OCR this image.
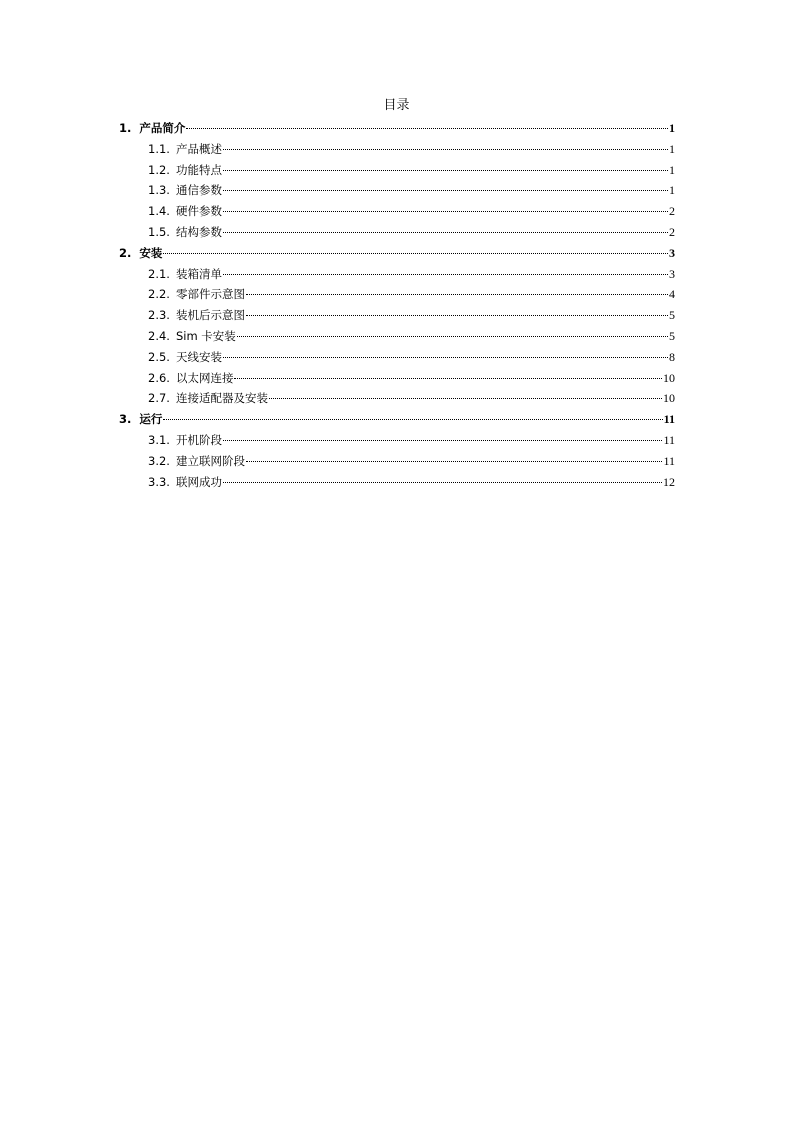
目录
1. 产品简介	1
1.1. 产品概述	1
1.2. 功能特点	1
1.3. 通信参数	1
1.4. 硬件参数	2
1.5. 结构参数	2
2. 安装	3
2.1. 装箱清单	3
2.2. 零部件示意图	4
2.3. 装机后示意图	5
2.4. Sim 卡安装	5
2.5. 天线安装	8
2.6. 以太网连接	10
2.7. 连接适配器及安装	10
3. 运行	11
3.1. 开机阶段	11
3.2. 建立联网阶段	11
3.3. 联网成功	12
